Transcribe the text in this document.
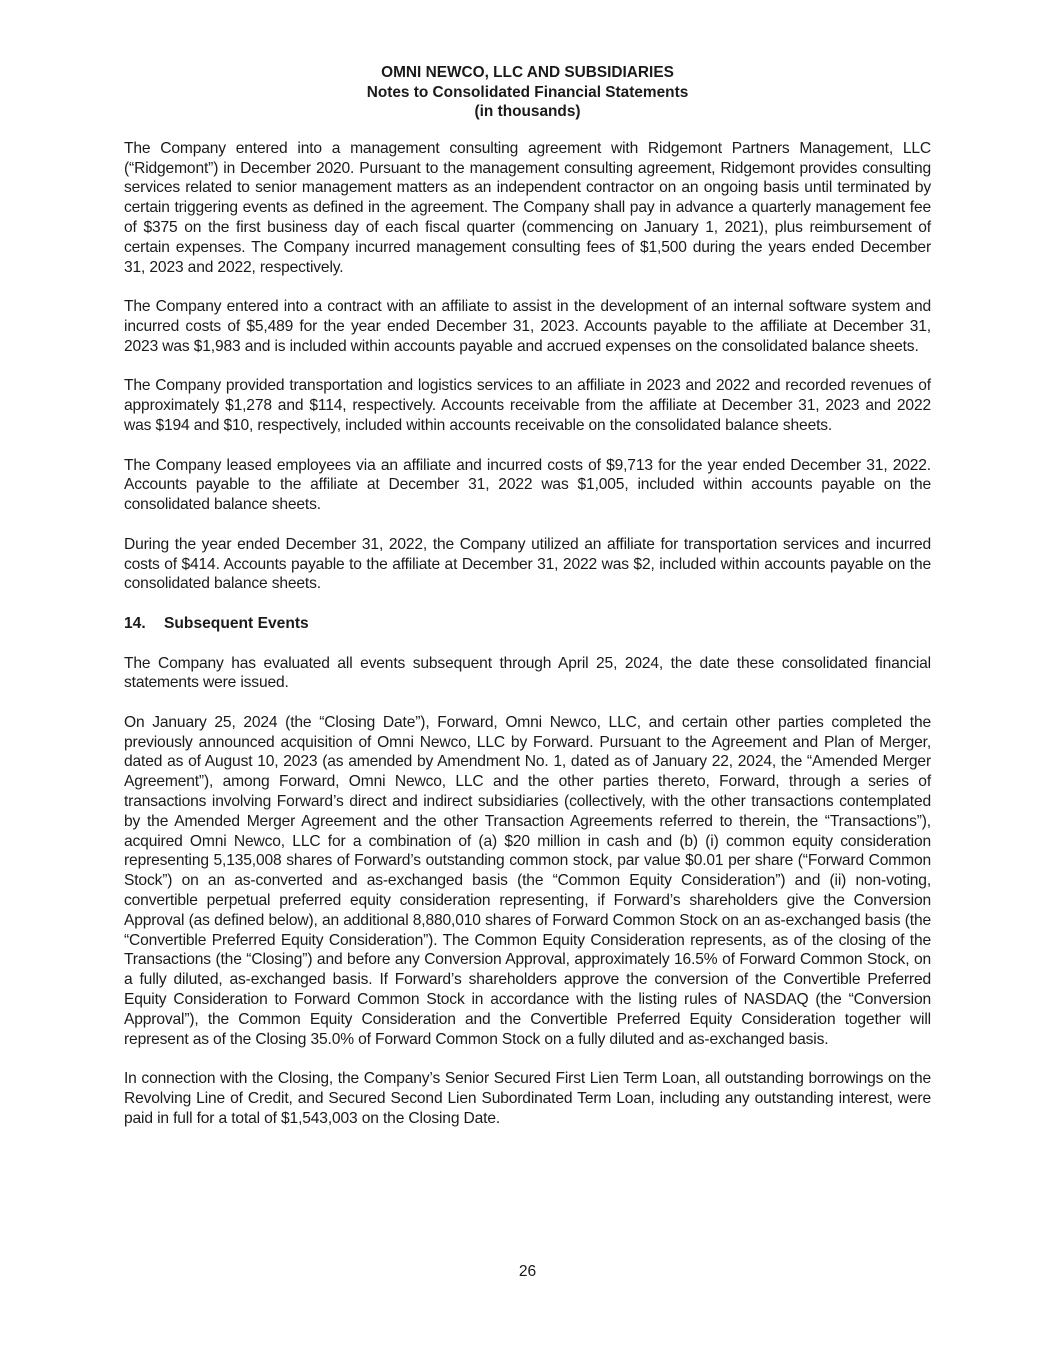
OMNI NEWCO, LLC AND SUBSIDIARIES
Notes to Consolidated Financial Statements
(in thousands)

The Company entered into a management consulting agreement with Ridgemont Partners Management, LLC (“Ridgemont”) in December 2020. Pursuant to the management consulting agreement, Ridgemont provides consulting services related to senior management matters as an independent contractor on an ongoing basis until terminated by certain triggering events as defined in the agreement. The Company shall pay in advance a quarterly management fee of $375 on the first business day of each fiscal quarter (commencing on January 1, 2021), plus reimbursement of certain expenses. The Company incurred management consulting fees of $1,500 during the years ended December 31, 2023 and 2022, respectively.

The Company entered into a contract with an affiliate to assist in the development of an internal software system and incurred costs of $5,489 for the year ended December 31, 2023. Accounts payable to the affiliate at December 31, 2023 was $1,983 and is included within accounts payable and accrued expenses on the consolidated balance sheets.

The Company provided transportation and logistics services to an affiliate in 2023 and 2022 and recorded revenues of approximately $1,278 and $114, respectively. Accounts receivable from the affiliate at December 31, 2023 and 2022 was $194 and $10, respectively, included within accounts receivable on the consolidated balance sheets.

The Company leased employees via an affiliate and incurred costs of $9,713 for the year ended December 31, 2022. Accounts payable to the affiliate at December 31, 2022 was $1,005, included within accounts payable on the consolidated balance sheets.

During the year ended December 31, 2022, the Company utilized an affiliate for transportation services and incurred costs of $414. Accounts payable to the affiliate at December 31, 2022 was $2, included within accounts payable on the consolidated balance sheets.

14. Subsequent Events

The Company has evaluated all events subsequent through April 25, 2024, the date these consolidated financial statements were issued.

On January 25, 2024 (the “Closing Date”), Forward, Omni Newco, LLC, and certain other parties completed the previously announced acquisition of Omni Newco, LLC by Forward. Pursuant to the Agreement and Plan of Merger, dated as of August 10, 2023 (as amended by Amendment No. 1, dated as of January 22, 2024, the “Amended Merger Agreement”), among Forward, Omni Newco, LLC and the other parties thereto, Forward, through a series of transactions involving Forward’s direct and indirect subsidiaries (collectively, with the other transactions contemplated by the Amended Merger Agreement and the other Transaction Agreements referred to therein, the “Transactions”), acquired Omni Newco, LLC for a combination of (a) $20 million in cash and (b) (i) common equity consideration representing 5,135,008 shares of Forward’s outstanding common stock, par value $0.01 per share (“Forward Common Stock”) on an as-converted and as-exchanged basis (the “Common Equity Consideration”) and (ii) non-voting, convertible perpetual preferred equity consideration representing, if Forward’s shareholders give the Conversion Approval (as defined below), an additional 8,880,010 shares of Forward Common Stock on an as-exchanged basis (the “Convertible Preferred Equity Consideration”). The Common Equity Consideration represents, as of the closing of the Transactions (the “Closing”) and before any Conversion Approval, approximately 16.5% of Forward Common Stock, on a fully diluted, as-exchanged basis. If Forward’s shareholders approve the conversion of the Convertible Preferred Equity Consideration to Forward Common Stock in accordance with the listing rules of NASDAQ (the “Conversion Approval”), the Common Equity Consideration and the Convertible Preferred Equity Consideration together will represent as of the Closing 35.0% of Forward Common Stock on a fully diluted and as-exchanged basis.

In connection with the Closing, the Company’s Senior Secured First Lien Term Loan, all outstanding borrowings on the Revolving Line of Credit, and Secured Second Lien Subordinated Term Loan, including any outstanding interest, were paid in full for a total of $1,543,003 on the Closing Date.

26
